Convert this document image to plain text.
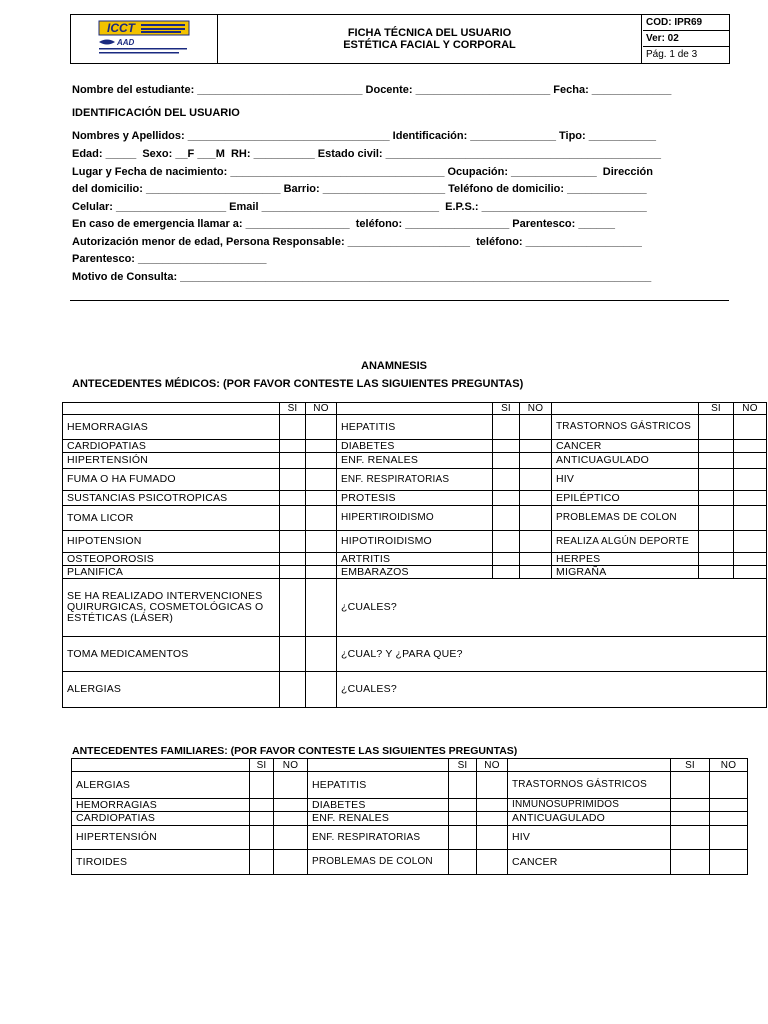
ICCT
AAD
FICHA TÉCNICA DEL USUARIO
ESTÉTICA FACIAL Y CORPORAL
COD: IPR69
Ver: 02
Pág. 1 de 3
Nombre del estudiante: ___________________________ Docente: ______________________ Fecha: _____________
IDENTIFICACIÓN DEL USUARIO
Nombres y Apellidos: _________________________________ Identificación: ______________ Tipo: ___________
Edad: _____  Sexo: __F ___M  RH: __________ Estado civil: _____________________________________________
Lugar y Fecha de nacimiento: ___________________________________ Ocupación: ______________  Dirección
del domicilio: ______________________ Barrio: ____________________ Teléfono de domicilio: _____________
Celular: __________________ Email _____________________________  E.P.S.: ___________________________
En caso de emergencia llamar a: _________________  teléfono: _________________ Parentesco: ______
Autorización menor de edad, Persona Responsable: ____________________  teléfono: ___________________
Parentesco: _____________________
Motivo de Consulta: _____________________________________________________________________________
ANAMNESIS
ANTECEDENTES MÉDICOS: (POR FAVOR CONTESTE LAS SIGUIENTES PREGUNTAS)
	SI	NO		SI	NO		SI	NO
HEMORRAGIAS			HEPATITIS			TRASTORNOS GÁSTRICOS		
CARDIOPATIAS			DIABETES			CANCER		
HIPERTENSIÓN			ENF. RENALES			ANTICUAGULADO		
FUMA O HA FUMADO			ENF. RESPIRATORIAS			HIV		
SUSTANCIAS PSICOTROPICAS			PROTESIS			EPILÉPTICO		
TOMA LICOR			HIPERTIROIDISMO			PROBLEMAS DE COLON		
HIPOTENSION			HIPOTIROIDISMO			REALIZA ALGÚN DEPORTE		
OSTEOPOROSIS			ARTRITIS			HERPES		
PLANIFICA			EMBARAZOS			MIGRAÑA		
SE HA REALIZADO INTERVENCIONES QUIRURGICAS, COSMETOLÓGICAS O ESTÉTICAS (LÁSER)			¿CUALES?					
TOMA MEDICAMENTOS			¿CUAL? Y ¿PARA QUE?					
ALERGIAS			¿CUALES?					
ANTECEDENTES FAMILIARES: (POR FAVOR CONTESTE LAS SIGUIENTES PREGUNTAS)
	SI	NO		SI	NO		SI	NO
ALERGIAS			HEPATITIS			TRASTORNOS GÁSTRICOS		
HEMORRAGIAS			DIABETES			INMUNOSUPRIMIDOS		
CARDIOPATIAS			ENF. RENALES			ANTICUAGULADO		
HIPERTENSIÓN			ENF. RESPIRATORIAS			HIV		
TIROIDES			PROBLEMAS DE COLON			CANCER		
